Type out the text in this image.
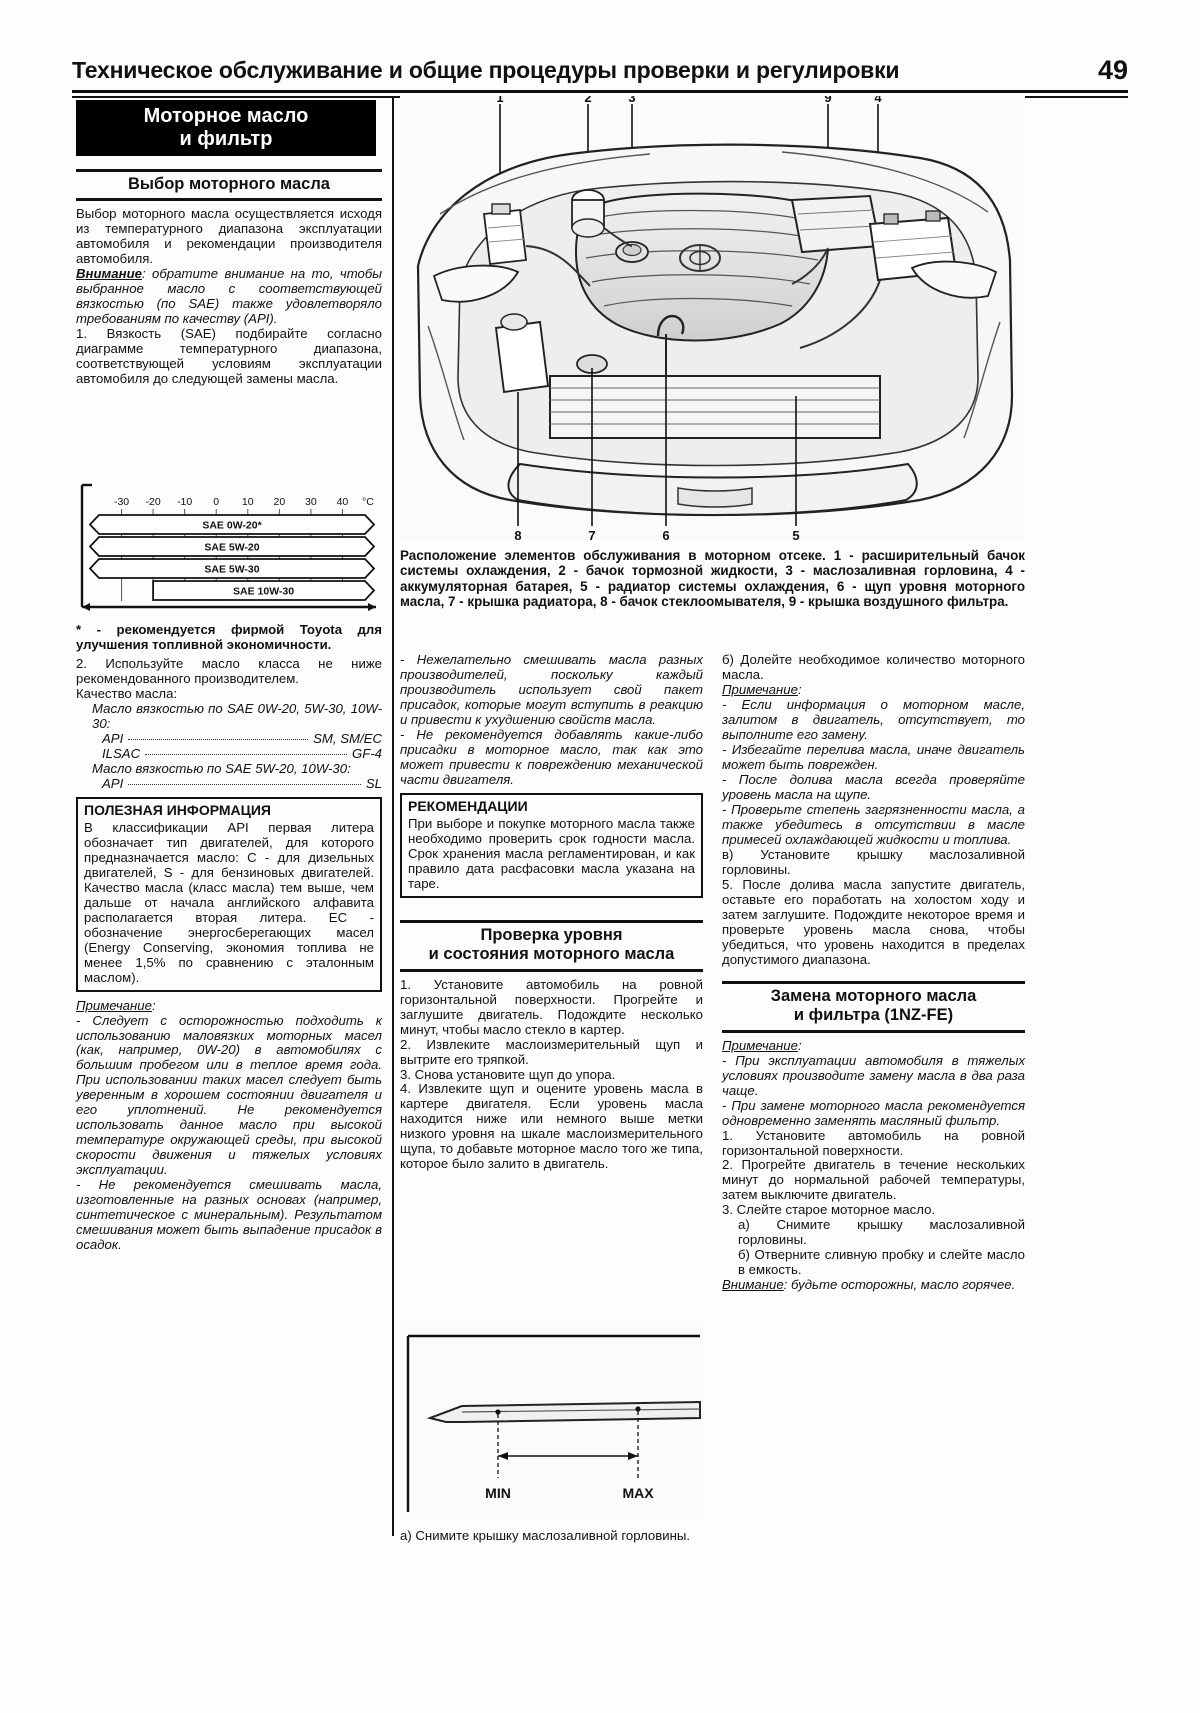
Техническое обслуживание и общие процедуры проверки и регулировки	49
Моторное масло
и фильтр
Выбор моторного масла

Выбор моторного масла осуществляется исходя из температурного диапазона эксплуатации автомобиля и рекомендации производителя автомобиля.

Внимание: обратите внимание на то, чтобы выбранное масло с соответствующей вязкостью (по SAE) также удовлетворяло требованиям по качеству (API).

1. Вязкость (SAE) подбирайте согласно диаграмме температурного диапазона, соответствующей условиям эксплуатации автомобиля до следующей замены масла.

-30 -20 -10 0 10 20 30 40 °C
SAE 0W-20*
SAE 5W-20
SAE 5W-30
SAE 10W-30

* - рекомендуется фирмой Toyota для улучшения топливной экономичности.

2. Используйте масло класса не ниже рекомендованного производителем.

Качество масла:

Масло вязкостью по SAE 0W-20, 5W-30, 10W-30:

API	SM, SM/EC
ILSAC	GF-4

Масло вязкостью по SAE 5W-20, 10W-30:

API	SL
ПОЛЕЗНАЯ ИНФОРМАЦИЯ

В классификации API первая литера обозначает тип двигателей, для которого предназначается масло: C - для дизельных двигателей, S - для бензиновых двигателей. Качество масла (класс масла) тем выше, чем дальше от начала английского алфавита располагается вторая литера. EC - обозначение энергосберегающих масел (Energy Conserving, экономия топлива не менее 1,5% по сравнению с эталонным маслом).

Примечание:

- Следует с осторожностью подходить к использованию маловязких моторных масел (как, например, 0W-20) в автомобилях с большим пробегом или в теплое время года. При использовании таких масел следует быть уверенным в хорошем состоянии двигателя и его уплотнений. Не рекомендуется использовать данное масло при высокой температуре окружающей среды, при высокой скорости движения и тяжелых условиях эксплуатации.

- Не рекомендуется смешивать масла, изготовленные на разных основах (например, синтетическое с минеральным). Результатом смешивания может быть выпадение присадок в осадок.

1	2	3	9	4
8	7	6	5
Расположение элементов обслуживания в моторном отсеке. 1 - расширительный бачок системы охлаждения, 2 - бачок тормозной жидкости, 3 - маслозаливная горловина, 4 - аккумуляторная батарея, 5 - радиатор системы охлаждения, 6 - щуп уровня моторного масла, 7 - крышка радиатора, 8 - бачок стеклоомывателя, 9 - крышка воздушного фильтра.

- Нежелательно смешивать масла разных производителей, поскольку каждый производитель использует свой пакет присадок, которые могут вступить в реакцию и привести к ухудшению свойств масла.

- Не рекомендуется добавлять какие-либо присадки в моторное масло, так как это может привести к повреждению механической части двигателя.

РЕКОМЕНДАЦИИ

При выборе и покупке моторного масла также необходимо проверить срок годности масла. Срок хранения масла регламентирован, и как правило дата расфасовки масла указана на таре.

Проверка уровня
и состояния моторного масла

1. Установите автомобиль на ровной горизонтальной поверхности. Прогрейте и заглушите двигатель. Подождите несколько минут, чтобы масло стекло в картер.

2. Извлеките маслоизмерительный щуп и вытрите его тряпкой.

3. Снова установите щуп до упора.

4. Извлеките щуп и оцените уровень масла в картере двигателя. Если уровень масла находится ниже или немного выше метки низкого уровня на шкале маслоизмерительного щупа, то добавьте моторное масло того же типа, которое было залито в двигатель.

MIN	MAX

а) Снимите крышку маслозаливной горловины.

б) Долейте необходимое количество моторного масла.

Примечание:

- Если информация о моторном масле, залитом в двигатель, отсутствует, то выполните его замену.

- Избегайте перелива масла, иначе двигатель может быть поврежден.

- После долива масла всегда проверяйте уровень масла на щупе.

- Проверьте степень загрязненности масла, а также убедитесь в отсутствии в масле примесей охлаждающей жидкости и топлива.

в) Установите крышку маслозаливной горловины.

5. После долива масла запустите двигатель, оставьте его поработать на холостом ходу и затем заглушите. Подождите некоторое время и проверьте уровень масла снова, чтобы убедиться, что уровень находится в пределах допустимого диапазона.

Замена моторного масла
и фильтра (1NZ-FE)

Примечание:

- При эксплуатации автомобиля в тяжелых условиях производите замену масла в два раза чаще.

- При замене моторного масла рекомендуется одновременно заменять масляный фильтр.

1. Установите автомобиль на ровной горизонтальной поверхности.

2. Прогрейте двигатель в течение нескольких минут до нормальной рабочей температуры, затем выключите двигатель.

3. Слейте старое моторное масло.

а) Снимите крышку маслозаливной горловины.

б) Отверните сливную пробку и слейте масло в емкость.

Внимание: будьте осторожны, масло горячее.
